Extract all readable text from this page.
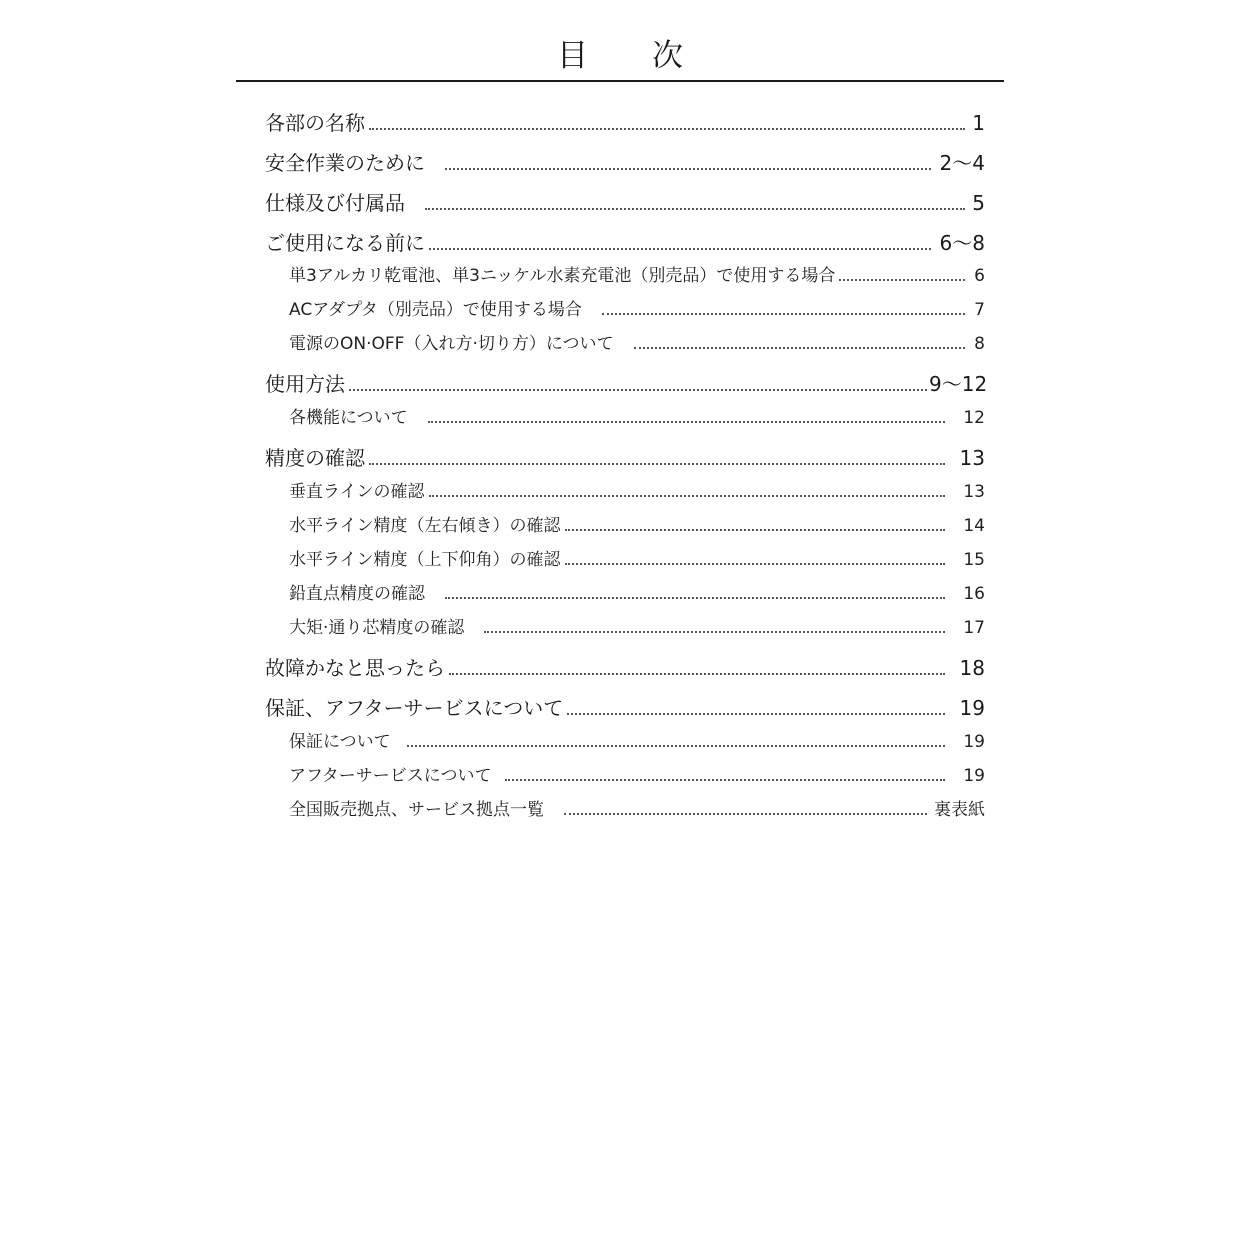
目 次
各部の名称	1
安全作業のために	2〜4
仕様及び付属品	5
ご使用になる前に	6〜8
単3アルカリ乾電池、単3ニッケル水素充電池（別売品）で使用する場合	6
ACアダプタ（別売品）で使用する場合	7
電源のON·OFF（入れ方·切り方）について	8
使用方法	9〜12
各機能について	12
精度の確認	13
垂直ラインの確認	13
水平ライン精度（左右傾き）の確認	14
水平ライン精度（上下仰角）の確認	15
鉛直点精度の確認	16
大矩·通り芯精度の確認	17
故障かなと思ったら	18
保証、アフターサービスについて	19
保証について	19
アフターサービスについて	19
全国販売拠点、サービス拠点一覧	裏表紙
